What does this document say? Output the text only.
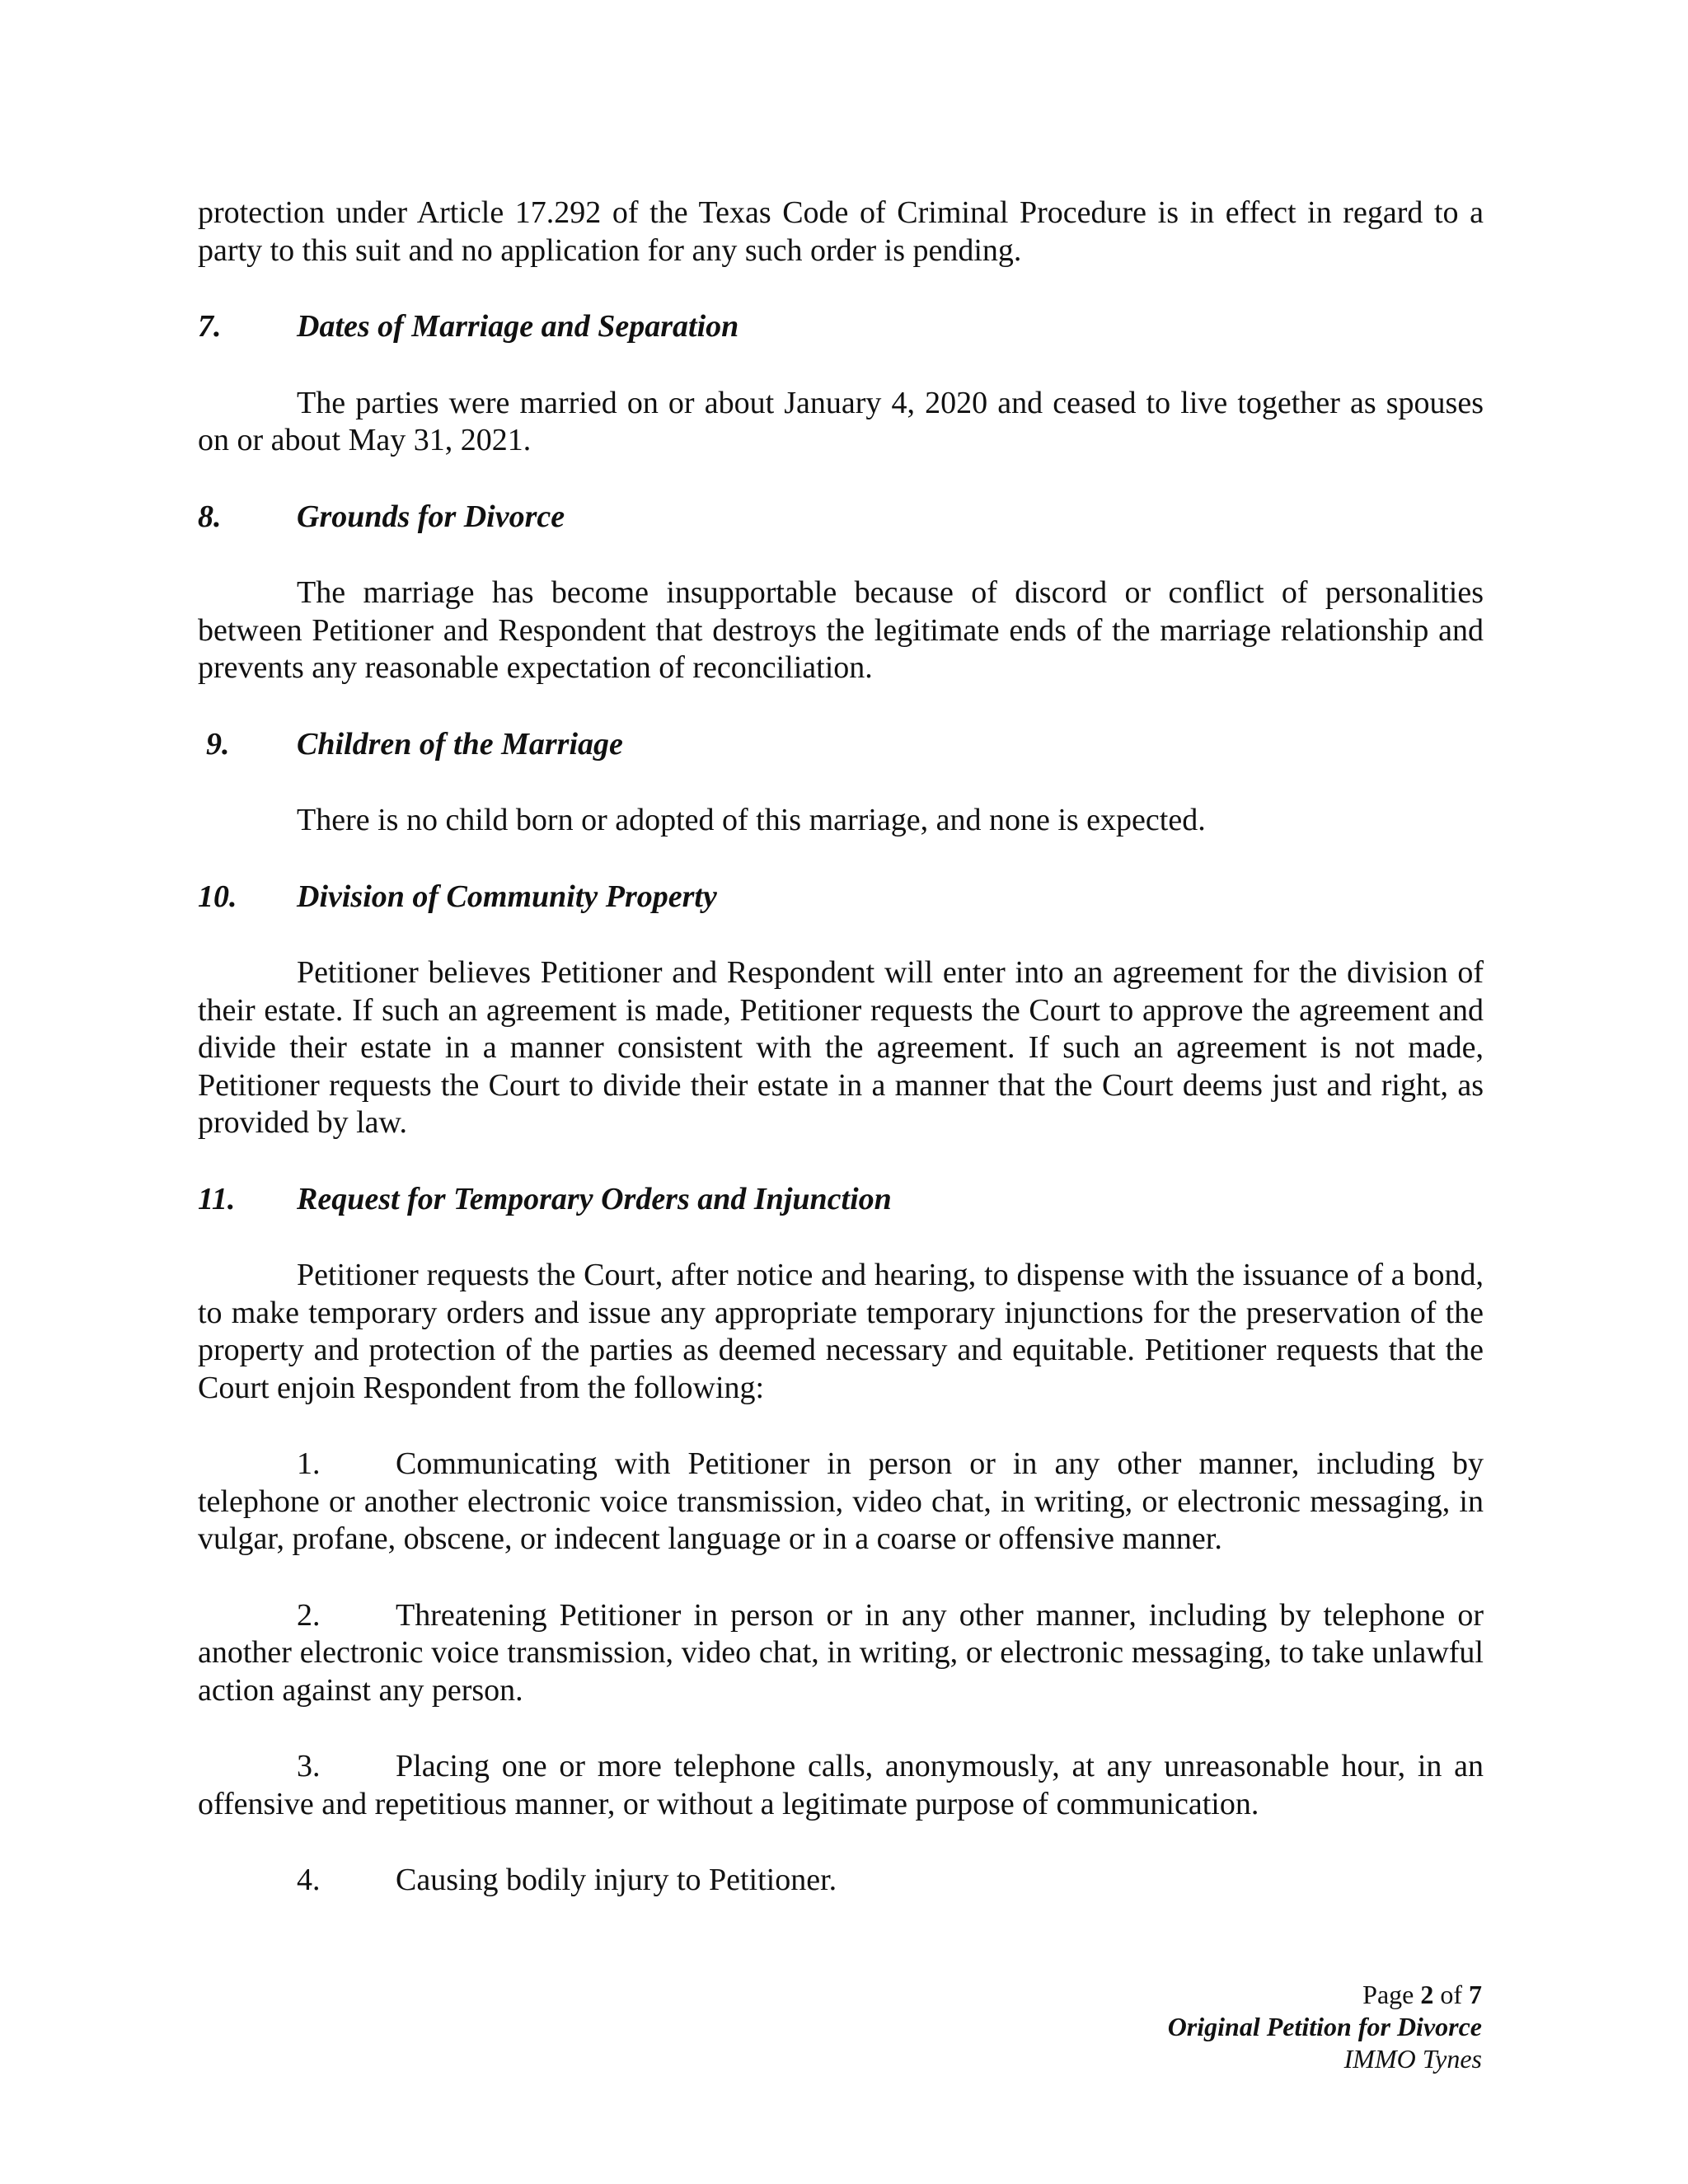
protection under Article 17.292 of the Texas Code of Criminal Procedure is in effect in regard to a party to this suit and no application for any such order is pending.

7.	Dates of Marriage and Separation

The parties were married on or about January 4, 2020 and ceased to live together as spouses on or about May 31, 2021.

8.	Grounds for Divorce

The marriage has become insupportable because of discord or conflict of personalities between Petitioner and Respondent that destroys the legitimate ends of the marriage relationship and prevents any reasonable expectation of reconciliation.

9.	Children of the Marriage

There is no child born or adopted of this marriage, and none is expected.

10.	Division of Community Property

Petitioner believes Petitioner and Respondent will enter into an agreement for the division of their estate. If such an agreement is made, Petitioner requests the Court to approve the agreement and divide their estate in a manner consistent with the agreement. If such an agreement is not made, Petitioner requests the Court to divide their estate in a manner that the Court deems just and right, as provided by law.

11.	Request for Temporary Orders and Injunction

Petitioner requests the Court, after notice and hearing, to dispense with the issuance of a bond, to make temporary orders and issue any appropriate temporary injunctions for the preservation of the property and protection of the parties as deemed necessary and equitable. Petitioner requests that the Court enjoin Respondent from the following:

1. Communicating with Petitioner in person or in any other manner, including by telephone or another electronic voice transmission, video chat, in writing, or electronic messaging, in vulgar, profane, obscene, or indecent language or in a coarse or offensive manner.

2. Threatening Petitioner in person or in any other manner, including by telephone or another electronic voice transmission, video chat, in writing, or electronic messaging, to take unlawful action against any person.

3. Placing one or more telephone calls, anonymously, at any unreasonable hour, in an offensive and repetitious manner, or without a legitimate purpose of communication.

4. Causing bodily injury to Petitioner.

Page 2 of 7
Original Petition for Divorce
IMMO Tynes
